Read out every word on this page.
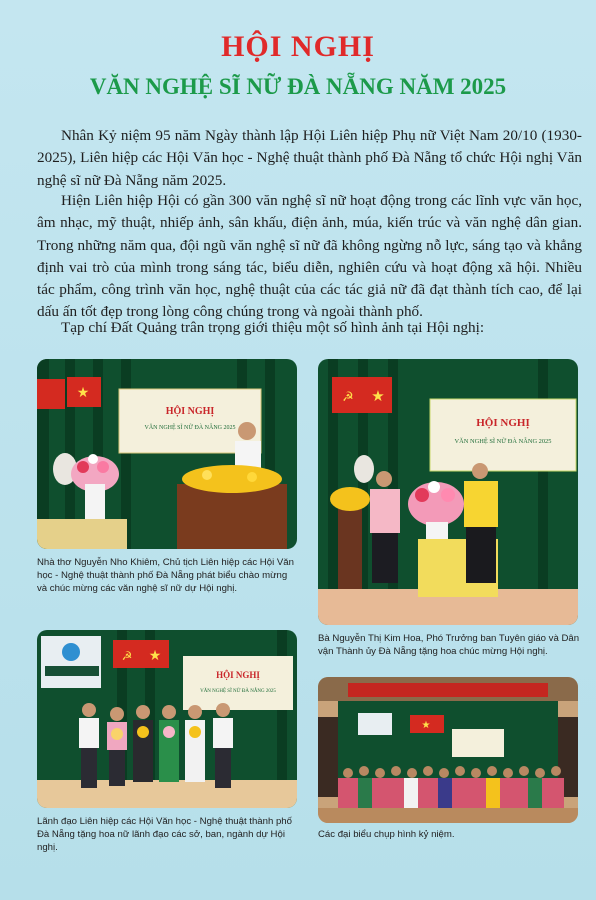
HỘI NGHỊ
VĂN NGHỆ SĨ NỮ ĐÀ NẴNG NĂM 2025

Nhân Kỷ niệm 95 năm Ngày thành lập Hội Liên hiệp Phụ nữ Việt Nam 20/10 (1930-2025), Liên hiệp các Hội Văn học - Nghệ thuật thành phố Đà Nẵng tổ chức Hội nghị Văn nghệ sĩ nữ Đà Nẵng năm 2025.

Hiện Liên hiệp Hội có gần 300 văn nghệ sĩ nữ hoạt động trong các lĩnh vực văn học, âm nhạc, mỹ thuật, nhiếp ảnh, sân khấu, điện ảnh, múa, kiến trúc và văn nghệ dân gian. Trong những năm qua, đội ngũ văn nghệ sĩ nữ đã không ngừng nỗ lực, sáng tạo và khẳng định vai trò của mình trong sáng tác, biểu diễn, nghiên cứu và hoạt động xã hội. Nhiều tác phẩm, công trình văn học, nghệ thuật của các tác giả nữ đã đạt thành tích cao, để lại dấu ấn tốt đẹp trong lòng công chúng trong và ngoài thành phố.

Tạp chí Đất Quảng trân trọng giới thiệu một số hình ảnh tại Hội nghị:

★
HỘI NGHỊ
VĂN NGHỆ SĨ NỮ ĐÀ NẴNG 2025
☭ ★
HỘI NGHỊ
VĂN NGHỆ SĨ NỮ ĐÀ NẴNG 2025
☭ ★
HỘI NGHỊ
VĂN NGHỆ SĨ NỮ ĐÀ NẴNG 2025
★

Nhà thơ Nguyễn Nho Khiêm, Chủ tịch Liên hiệp các Hội Văn học - Nghệ thuật thành phố Đà Nẵng phát biểu chào mừng và chúc mừng các văn nghệ sĩ nữ dự Hội nghị.

Bà Nguyễn Thị Kim Hoa, Phó Trưởng ban Tuyên giáo và Dân vận Thành ủy Đà Nẵng tặng hoa chúc mừng Hội nghị.

Lãnh đạo Liên hiệp các Hội Văn học - Nghệ thuật thành phố Đà Nẵng tặng hoa nữ lãnh đạo các sở, ban, ngành dự Hội nghị.

Các đại biểu chụp hình kỷ niệm.
